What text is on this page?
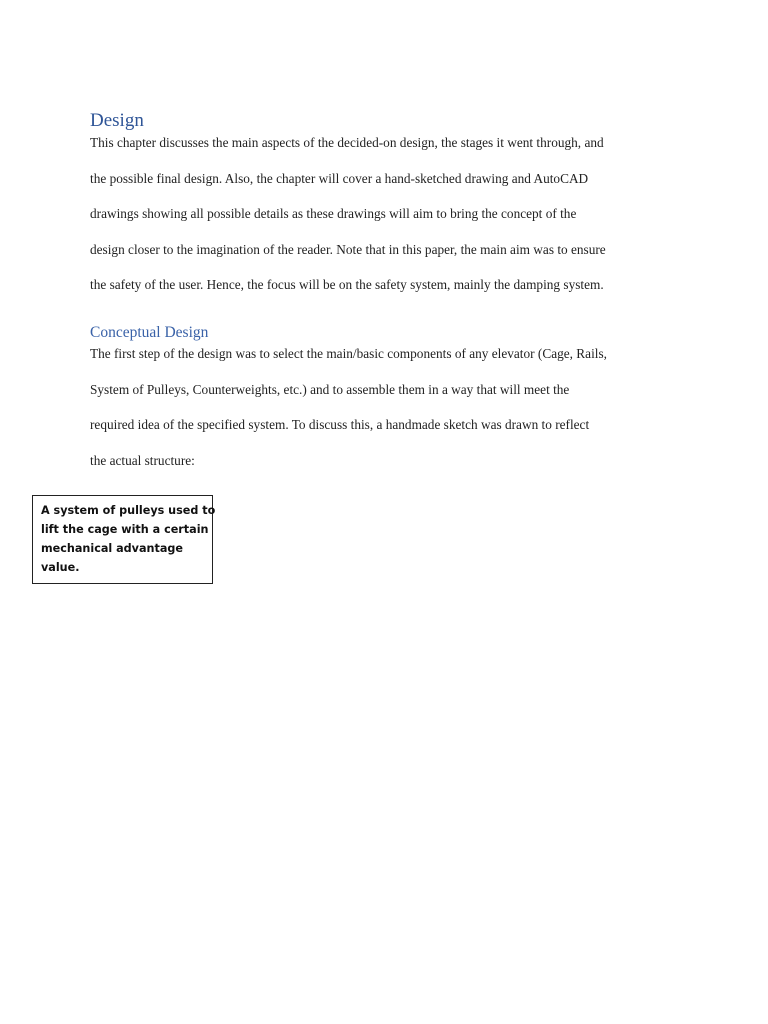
Design
This chapter discusses the main aspects of the decided-on design, the stages it went through, and
the possible final design. Also, the chapter will cover a hand-sketched drawing and AutoCAD
drawings showing all possible details as these drawings will aim to bring the concept of the
design closer to the imagination of the reader. Note that in this paper, the main aim was to ensure
the safety of the user. Hence, the focus will be on the safety system, mainly the damping system.
Conceptual Design
The first step of the design was to select the main/basic components of any elevator (Cage, Rails,
System of Pulleys, Counterweights, etc.) and to assemble them in a way that will meet the
required idea of the specified system. To discuss this, a handmade sketch was drawn to reflect
the actual structure:
A system of pulleys used to
lift the cage with a certain
mechanical advantage
value.
